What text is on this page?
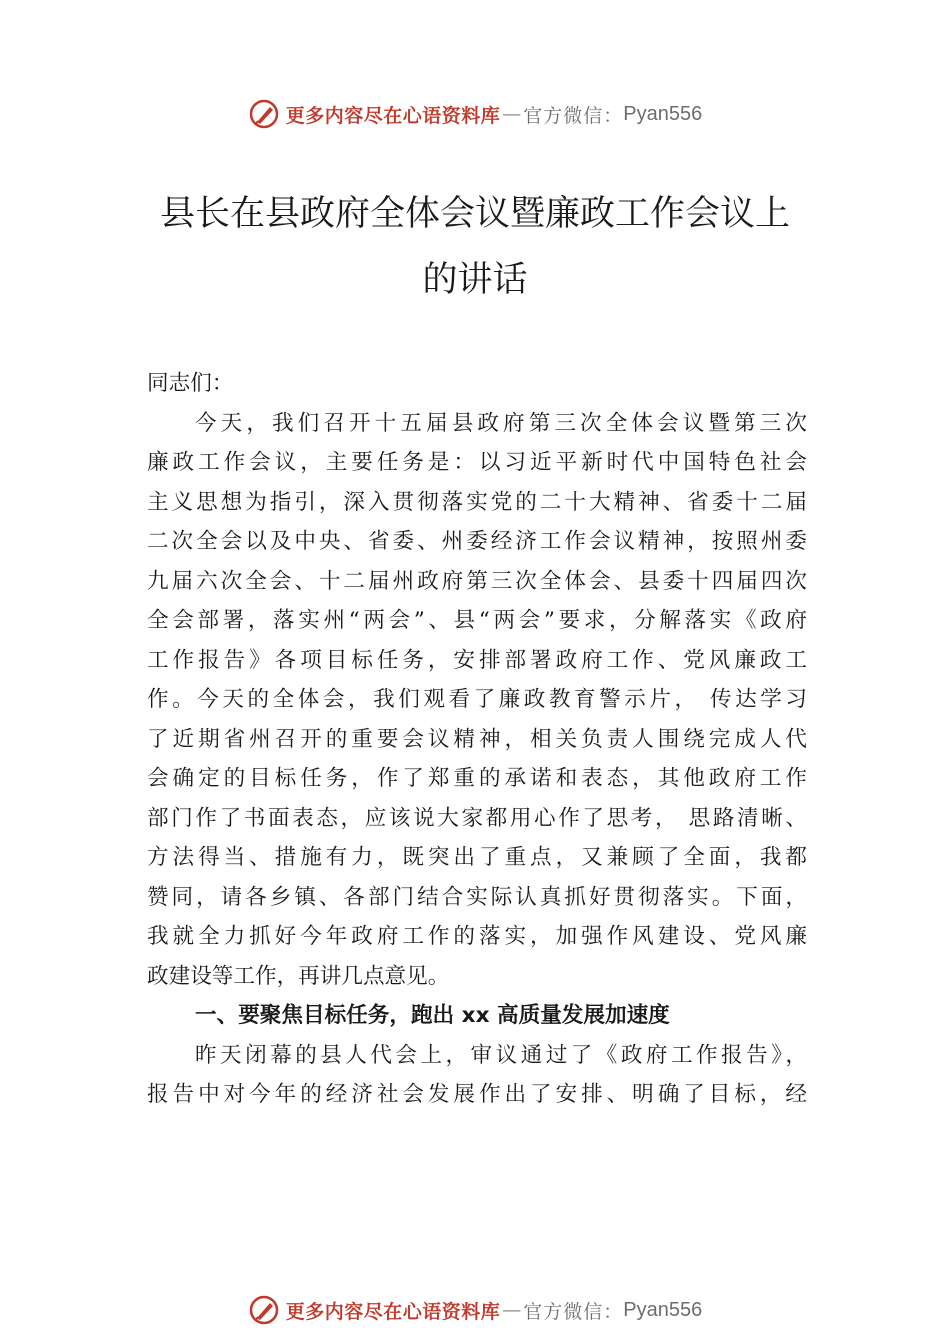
更多内容尽在心语资料库 — 官方微信： Pyan556
县长在县政府全体会议暨廉政工作会议上
的讲话
同志们：
今天，我们召开十五届县政府第三次全体会议暨第三次
廉政工作会议，主要任务是：以习近平新时代中国特色社会
主义思想为指引，深入贯彻落实党的二十大精神、省委十二届
二次全会以及中央、省委、州委经济工作会议精神，按照州委
九届六次全会、十二届州政府第三次全体会、县委十四届四次
全会部署，落实州“两会”、县“两会”要求，分解落实《政府
工作报告》各项目标任务，安排部署政府工作、党风廉政工
作。今天的全体会，我们观看了廉政教育警示片， 传达学习
了近期省州召开的重要会议精神，相关负责人围绕完成人代
会确定的目标任务，作了郑重的承诺和表态，其他政府工作
部门作了书面表态，应该说大家都用心作了思考， 思路清晰、
方法得当、措施有力，既突出了重点，又兼顾了全面，我都
赞同，请各乡镇、各部门结合实际认真抓好贯彻落实。下面，
我就全力抓好今年政府工作的落实，加强作风建设、党风廉
政建设等工作，再讲几点意见。
一、要聚焦目标任务，跑出 xx 高质量发展加速度
昨天闭幕的县人代会上，审议通过了《政府工作报告》，
报告中对今年的经济社会发展作出了安排、明确了目标，经
更多内容尽在心语资料库 — 官方微信： Pyan556
